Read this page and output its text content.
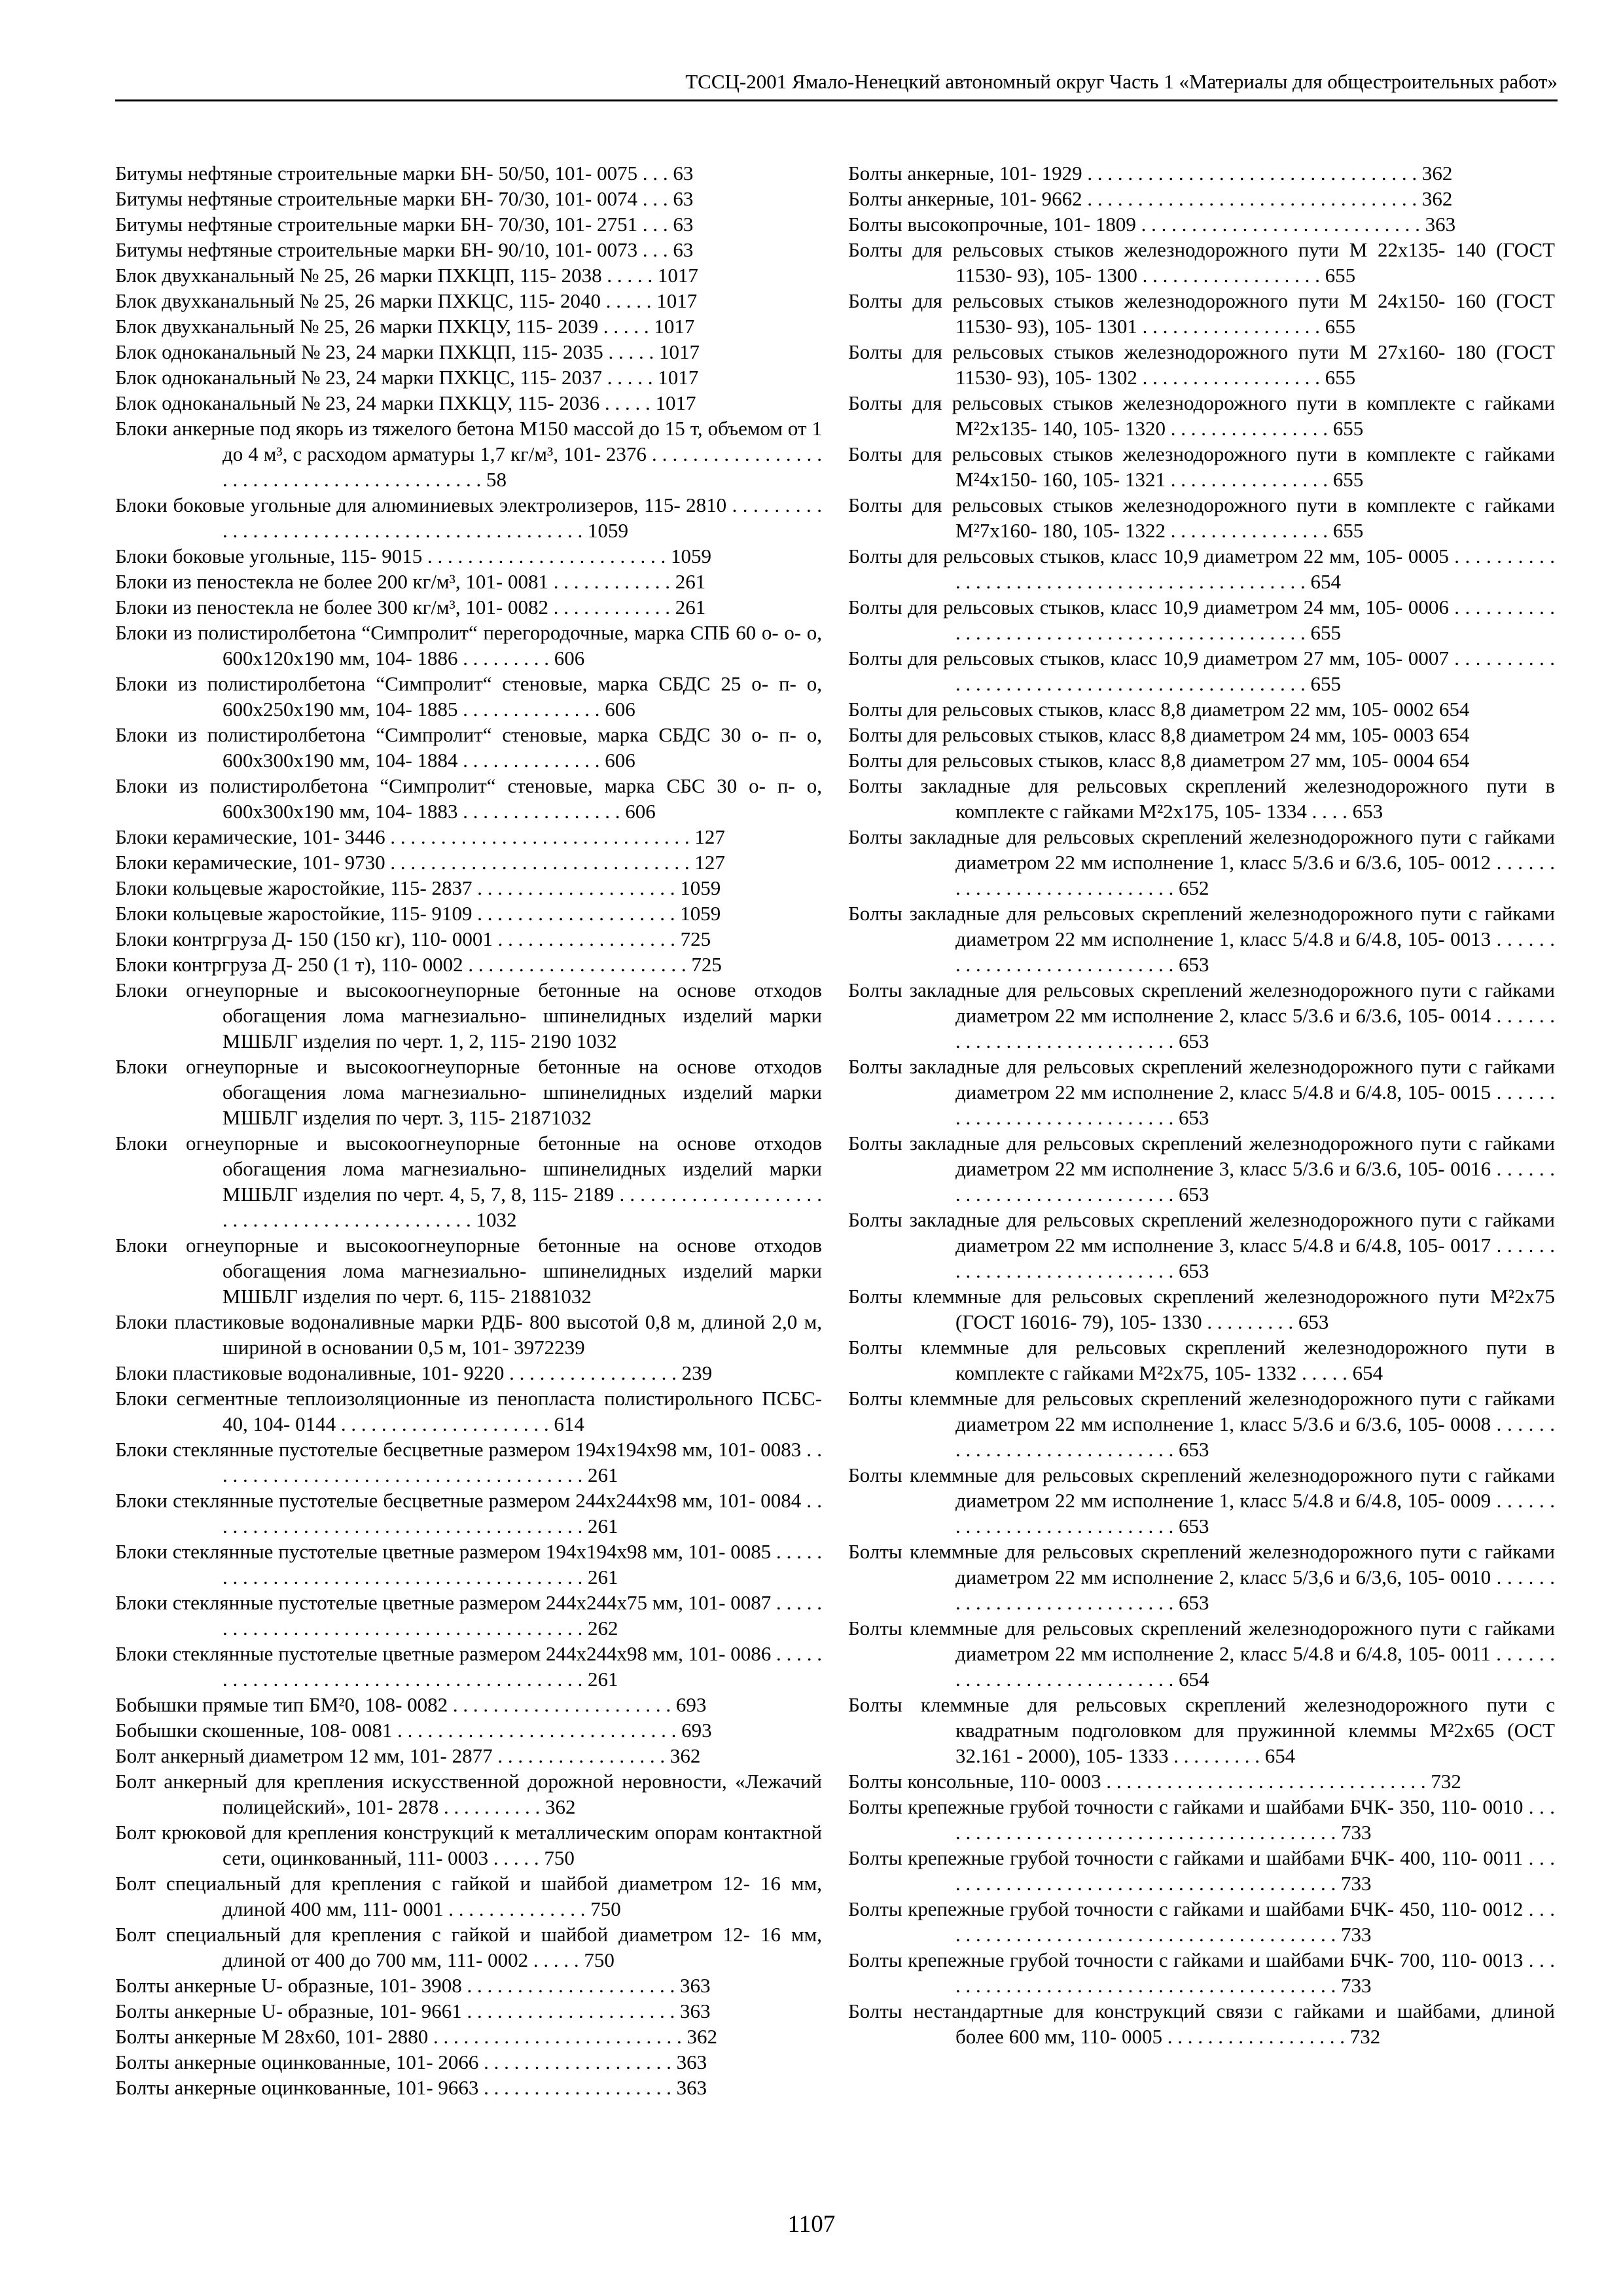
ТССЦ-2001 Ямало-Ненецкий автономный округ Часть 1 «Материалы для общестроительных работ»
Битумы нефтяные строительные марки БН- 50/50, 101- 0075 . . . 63
Битумы нефтяные строительные марки БН- 70/30, 101- 0074 . . . 63
Битумы нефтяные строительные марки БН- 70/30, 101- 2751 . . . 63
Битумы нефтяные строительные марки БН- 90/10, 101- 0073 . . . 63
Блок двухканальный № 25, 26 марки ПХКЦП, 115- 2038 . . . . . 1017
Блок двухканальный № 25, 26 марки ПХКЦС, 115- 2040 . . . . . 1017
Блок двухканальный № 25, 26 марки ПХКЦУ, 115- 2039 . . . . . 1017
Блок одноканальный № 23, 24 марки ПХКЦП, 115- 2035 . . . . . 1017
Блок одноканальный № 23, 24 марки ПХКЦС, 115- 2037 . . . . . 1017
Блок одноканальный № 23, 24 марки ПХКЦУ, 115- 2036 . . . . . 1017
Блоки анкерные под якорь из тяжелого бетона М150 массой до 15 т, объемом от 1 до 4 м³, с расходом арматуры 1,7 кг/м³, 101- 2376 . . . . . . . . . . . . . . . . . . . . . . . . . . . . . . . . . . . . . . . . . . . 58
Блоки боковые угольные для алюминиевых электролизеров, 115- 2810 . . . . . . . . . . . . . . . . . . . . . . . . . . . . . . . . . . . . . . . . . . . . . 1059
Блоки боковые угольные, 115- 9015 . . . . . . . . . . . . . . . . . . . . . . . . 1059
Блоки из пеностекла не более 200 кг/м³, 101- 0081 . . . . . . . . . . . . 261
Блоки из пеностекла не более 300 кг/м³, 101- 0082 . . . . . . . . . . . . 261
Блоки из полистиролбетона “Симпролит“ перегородочные, марка СПБ 60 о- о- о, 600х120х190 мм, 104- 1886 . . . . . . . . . 606
Блоки из полистиролбетона “Симпролит“ стеновые, марка СБДС 25 о- п- о, 600х250х190 мм, 104- 1885 . . . . . . . . . . . . . . 606
Блоки из полистиролбетона “Симпролит“ стеновые, марка СБДС 30 о- п- о, 600х300х190 мм, 104- 1884 . . . . . . . . . . . . . . 606
Блоки из полистиролбетона “Симпролит“ стеновые, марка СБС 30 о- п- о, 600х300х190 мм, 104- 1883 . . . . . . . . . . . . . . . . 606
Блоки керамические, 101- 3446 . . . . . . . . . . . . . . . . . . . . . . . . . . . . . . 127
Блоки керамические, 101- 9730 . . . . . . . . . . . . . . . . . . . . . . . . . . . . . . 127
Блоки кольцевые жаростойкие, 115- 2837 . . . . . . . . . . . . . . . . . . . . 1059
Блоки кольцевые жаростойкие, 115- 9109 . . . . . . . . . . . . . . . . . . . . 1059
Блоки контргруза Д- 150 (150 кг), 110- 0001 . . . . . . . . . . . . . . . . . . 725
Блоки контргруза Д- 250 (1 т), 110- 0002 . . . . . . . . . . . . . . . . . . . . . . 725
Блоки огнеупорные и высокоогнеупорные бетонные на основе отходов обогащения лома магнезиально- шпинелидных изделий марки МШБЛГ изделия по черт. 1, 2, 115- 2190 1032
Блоки огнеупорные и высокоогнеупорные бетонные на основе отходов обогащения лома магнезиально- шпинелидных изделий марки МШБЛГ изделия по черт. 3, 115- 21871032
Блоки огнеупорные и высокоогнеупорные бетонные на основе отходов обогащения лома магнезиально- шпинелидных изделий марки МШБЛГ изделия по черт. 4, 5, 7, 8, 115- 2189 . . . . . . . . . . . . . . . . . . . . . . . . . . . . . . . . . . . . . . . . . . . . . 1032
Блоки огнеупорные и высокоогнеупорные бетонные на основе отходов обогащения лома магнезиально- шпинелидных изделий марки МШБЛГ изделия по черт. 6, 115- 21881032
Блоки пластиковые водоналивные марки РДБ- 800 высотой 0,8 м, длиной 2,0 м, шириной в основании 0,5 м, 101- 3972239
Блоки пластиковые водоналивные, 101- 9220 . . . . . . . . . . . . . . . . . 239
Блоки сегментные теплоизоляционные из пенопласта полистирольного ПСБС- 40, 104- 0144 . . . . . . . . . . . . . . . . . . . . . 614
Блоки стеклянные пустотелые бесцветные размером 194х194х98 мм, 101- 0083 . . . . . . . . . . . . . . . . . . . . . . . . . . . . . . . . . . . . . . 261
Блоки стеклянные пустотелые бесцветные размером 244х244х98 мм, 101- 0084 . . . . . . . . . . . . . . . . . . . . . . . . . . . . . . . . . . . . . . 261
Блоки стеклянные пустотелые цветные размером 194х194х98 мм, 101- 0085 . . . . . . . . . . . . . . . . . . . . . . . . . . . . . . . . . . . . . . . . . 261
Блоки стеклянные пустотелые цветные размером 244х244х75 мм, 101- 0087 . . . . . . . . . . . . . . . . . . . . . . . . . . . . . . . . . . . . . . . . . 262
Блоки стеклянные пустотелые цветные размером 244х244х98 мм, 101- 0086 . . . . . . . . . . . . . . . . . . . . . . . . . . . . . . . . . . . . . . . . . 261
Бобышки прямые тип БМ²0, 108- 0082 . . . . . . . . . . . . . . . . . . . . . . 693
Бобышки скошенные, 108- 0081 . . . . . . . . . . . . . . . . . . . . . . . . . . . . 693
Болт анкерный диаметром 12 мм, 101- 2877 . . . . . . . . . . . . . . . . . 362
Болт анкерный для крепления искусственной дорожной неровности, «Лежачий полицейский», 101- 2878 . . . . . . . . . . 362
Болт крюковой для крепления конструкций к металлическим опорам контактной сети, оцинкованный, 111- 0003 . . . . . 750
Болт специальный для крепления с гайкой и шайбой диаметром 12- 16 мм, длиной 400 мм, 111- 0001 . . . . . . . . . . . . . . 750
Болт специальный для крепления с гайкой и шайбой диаметром 12- 16 мм, длиной от 400 до 700 мм, 111- 0002 . . . . . 750
Болты анкерные U- образные, 101- 3908 . . . . . . . . . . . . . . . . . . . . . 363
Болты анкерные U- образные, 101- 9661 . . . . . . . . . . . . . . . . . . . . . 363
Болты анкерные М 28х60, 101- 2880 . . . . . . . . . . . . . . . . . . . . . . . . . 362
Болты анкерные оцинкованные, 101- 2066 . . . . . . . . . . . . . . . . . . . 363
Болты анкерные оцинкованные, 101- 9663 . . . . . . . . . . . . . . . . . . . 363
Болты анкерные, 101- 1929 . . . . . . . . . . . . . . . . . . . . . . . . . . . . . . . . . 362
Болты анкерные, 101- 9662 . . . . . . . . . . . . . . . . . . . . . . . . . . . . . . . . . 362
Болты высокопрочные, 101- 1809 . . . . . . . . . . . . . . . . . . . . . . . . . . . . 363
Болты для рельсовых стыков железнодорожного пути М 22х135- 140 (ГОСТ 11530- 93), 105- 1300 . . . . . . . . . . . . . . . . . . 655
Болты для рельсовых стыков железнодорожного пути М 24х150- 160 (ГОСТ 11530- 93), 105- 1301 . . . . . . . . . . . . . . . . . . 655
Болты для рельсовых стыков железнодорожного пути М 27х160- 180 (ГОСТ 11530- 93), 105- 1302 . . . . . . . . . . . . . . . . . . 655
Болты для рельсовых стыков железнодорожного пути в комплекте с гайками М²2х135- 140, 105- 1320 . . . . . . . . . . . . . . . . 655
Болты для рельсовых стыков железнодорожного пути в комплекте с гайками М²4х150- 160, 105- 1321 . . . . . . . . . . . . . . . . 655
Болты для рельсовых стыков железнодорожного пути в комплекте с гайками М²7х160- 180, 105- 1322 . . . . . . . . . . . . . . . . 655
Болты для рельсовых стыков, класс 10,9 диаметром 22 мм, 105- 0005 . . . . . . . . . . . . . . . . . . . . . . . . . . . . . . . . . . . . . . . . . . . . . 654
Болты для рельсовых стыков, класс 10,9 диаметром 24 мм, 105- 0006 . . . . . . . . . . . . . . . . . . . . . . . . . . . . . . . . . . . . . . . . . . . . . 655
Болты для рельсовых стыков, класс 10,9 диаметром 27 мм, 105- 0007 . . . . . . . . . . . . . . . . . . . . . . . . . . . . . . . . . . . . . . . . . . . . . 655
Болты для рельсовых стыков, класс 8,8 диаметром 22 мм, 105- 0002 654
Болты для рельсовых стыков, класс 8,8 диаметром 24 мм, 105- 0003 654
Болты для рельсовых стыков, класс 8,8 диаметром 27 мм, 105- 0004 654
Болты закладные для рельсовых скреплений железнодорожного пути в комплекте с гайками М²2х175, 105- 1334 . . . . 653
Болты закладные для рельсовых скреплений железнодорожного пути с гайками диаметром 22 мм исполнение 1, класс 5/3.6 и 6/3.6, 105- 0012 . . . . . . . . . . . . . . . . . . . . . . . . . . . . 652
Болты закладные для рельсовых скреплений железнодорожного пути с гайками диаметром 22 мм исполнение 1, класс 5/4.8 и 6/4.8, 105- 0013 . . . . . . . . . . . . . . . . . . . . . . . . . . . . 653
Болты закладные для рельсовых скреплений железнодорожного пути с гайками диаметром 22 мм исполнение 2, класс 5/3.6 и 6/3.6, 105- 0014 . . . . . . . . . . . . . . . . . . . . . . . . . . . . 653
Болты закладные для рельсовых скреплений железнодорожного пути с гайками диаметром 22 мм исполнение 2, класс 5/4.8 и 6/4.8, 105- 0015 . . . . . . . . . . . . . . . . . . . . . . . . . . . . 653
Болты закладные для рельсовых скреплений железнодорожного пути с гайками диаметром 22 мм исполнение 3, класс 5/3.6 и 6/3.6, 105- 0016 . . . . . . . . . . . . . . . . . . . . . . . . . . . . 653
Болты закладные для рельсовых скреплений железнодорожного пути с гайками диаметром 22 мм исполнение 3, класс 5/4.8 и 6/4.8, 105- 0017 . . . . . . . . . . . . . . . . . . . . . . . . . . . . 653
Болты клеммные для рельсовых скреплений железнодорожного пути М²2х75 (ГОСТ 16016- 79), 105- 1330 . . . . . . . . . 653
Болты клеммные для рельсовых скреплений железнодорожного пути в комплекте с гайками М²2х75, 105- 1332 . . . . . 654
Болты клеммные для рельсовых скреплений железнодорожного пути с гайками диаметром 22 мм исполнение 1, класс 5/3.6 и 6/3.6, 105- 0008 . . . . . . . . . . . . . . . . . . . . . . . . . . . . 653
Болты клеммные для рельсовых скреплений железнодорожного пути с гайками диаметром 22 мм исполнение 1, класс 5/4.8 и 6/4.8, 105- 0009 . . . . . . . . . . . . . . . . . . . . . . . . . . . . 653
Болты клеммные для рельсовых скреплений железнодорожного пути с гайками диаметром 22 мм исполнение 2, класс 5/3,6 и 6/3,6, 105- 0010 . . . . . . . . . . . . . . . . . . . . . . . . . . . . 653
Болты клеммные для рельсовых скреплений железнодорожного пути с гайками диаметром 22 мм исполнение 2, класс 5/4.8 и 6/4.8, 105- 0011 . . . . . . . . . . . . . . . . . . . . . . . . . . . . 654
Болты клеммные для рельсовых скреплений железнодорожного пути с квадратным подголовком для пружинной клеммы М²2х65 (ОСТ 32.161 - 2000), 105- 1333 . . . . . . . . . 654
Болты консольные, 110- 0003 . . . . . . . . . . . . . . . . . . . . . . . . . . . . . . . . 732
Болты крепежные грубой точности с гайками и шайбами БЧК- 350, 110- 0010 . . . . . . . . . . . . . . . . . . . . . . . . . . . . . . . . . . . . . . . . . 733
Болты крепежные грубой точности с гайками и шайбами БЧК- 400, 110- 0011 . . . . . . . . . . . . . . . . . . . . . . . . . . . . . . . . . . . . . . . . . 733
Болты крепежные грубой точности с гайками и шайбами БЧК- 450, 110- 0012 . . . . . . . . . . . . . . . . . . . . . . . . . . . . . . . . . . . . . . . . . 733
Болты крепежные грубой точности с гайками и шайбами БЧК- 700, 110- 0013 . . . . . . . . . . . . . . . . . . . . . . . . . . . . . . . . . . . . . . . . . 733
Болты нестандартные для конструкций связи с гайками и шайбами, длиной более 600 мм, 110- 0005 . . . . . . . . . . . . . . . . . . 732
1107
